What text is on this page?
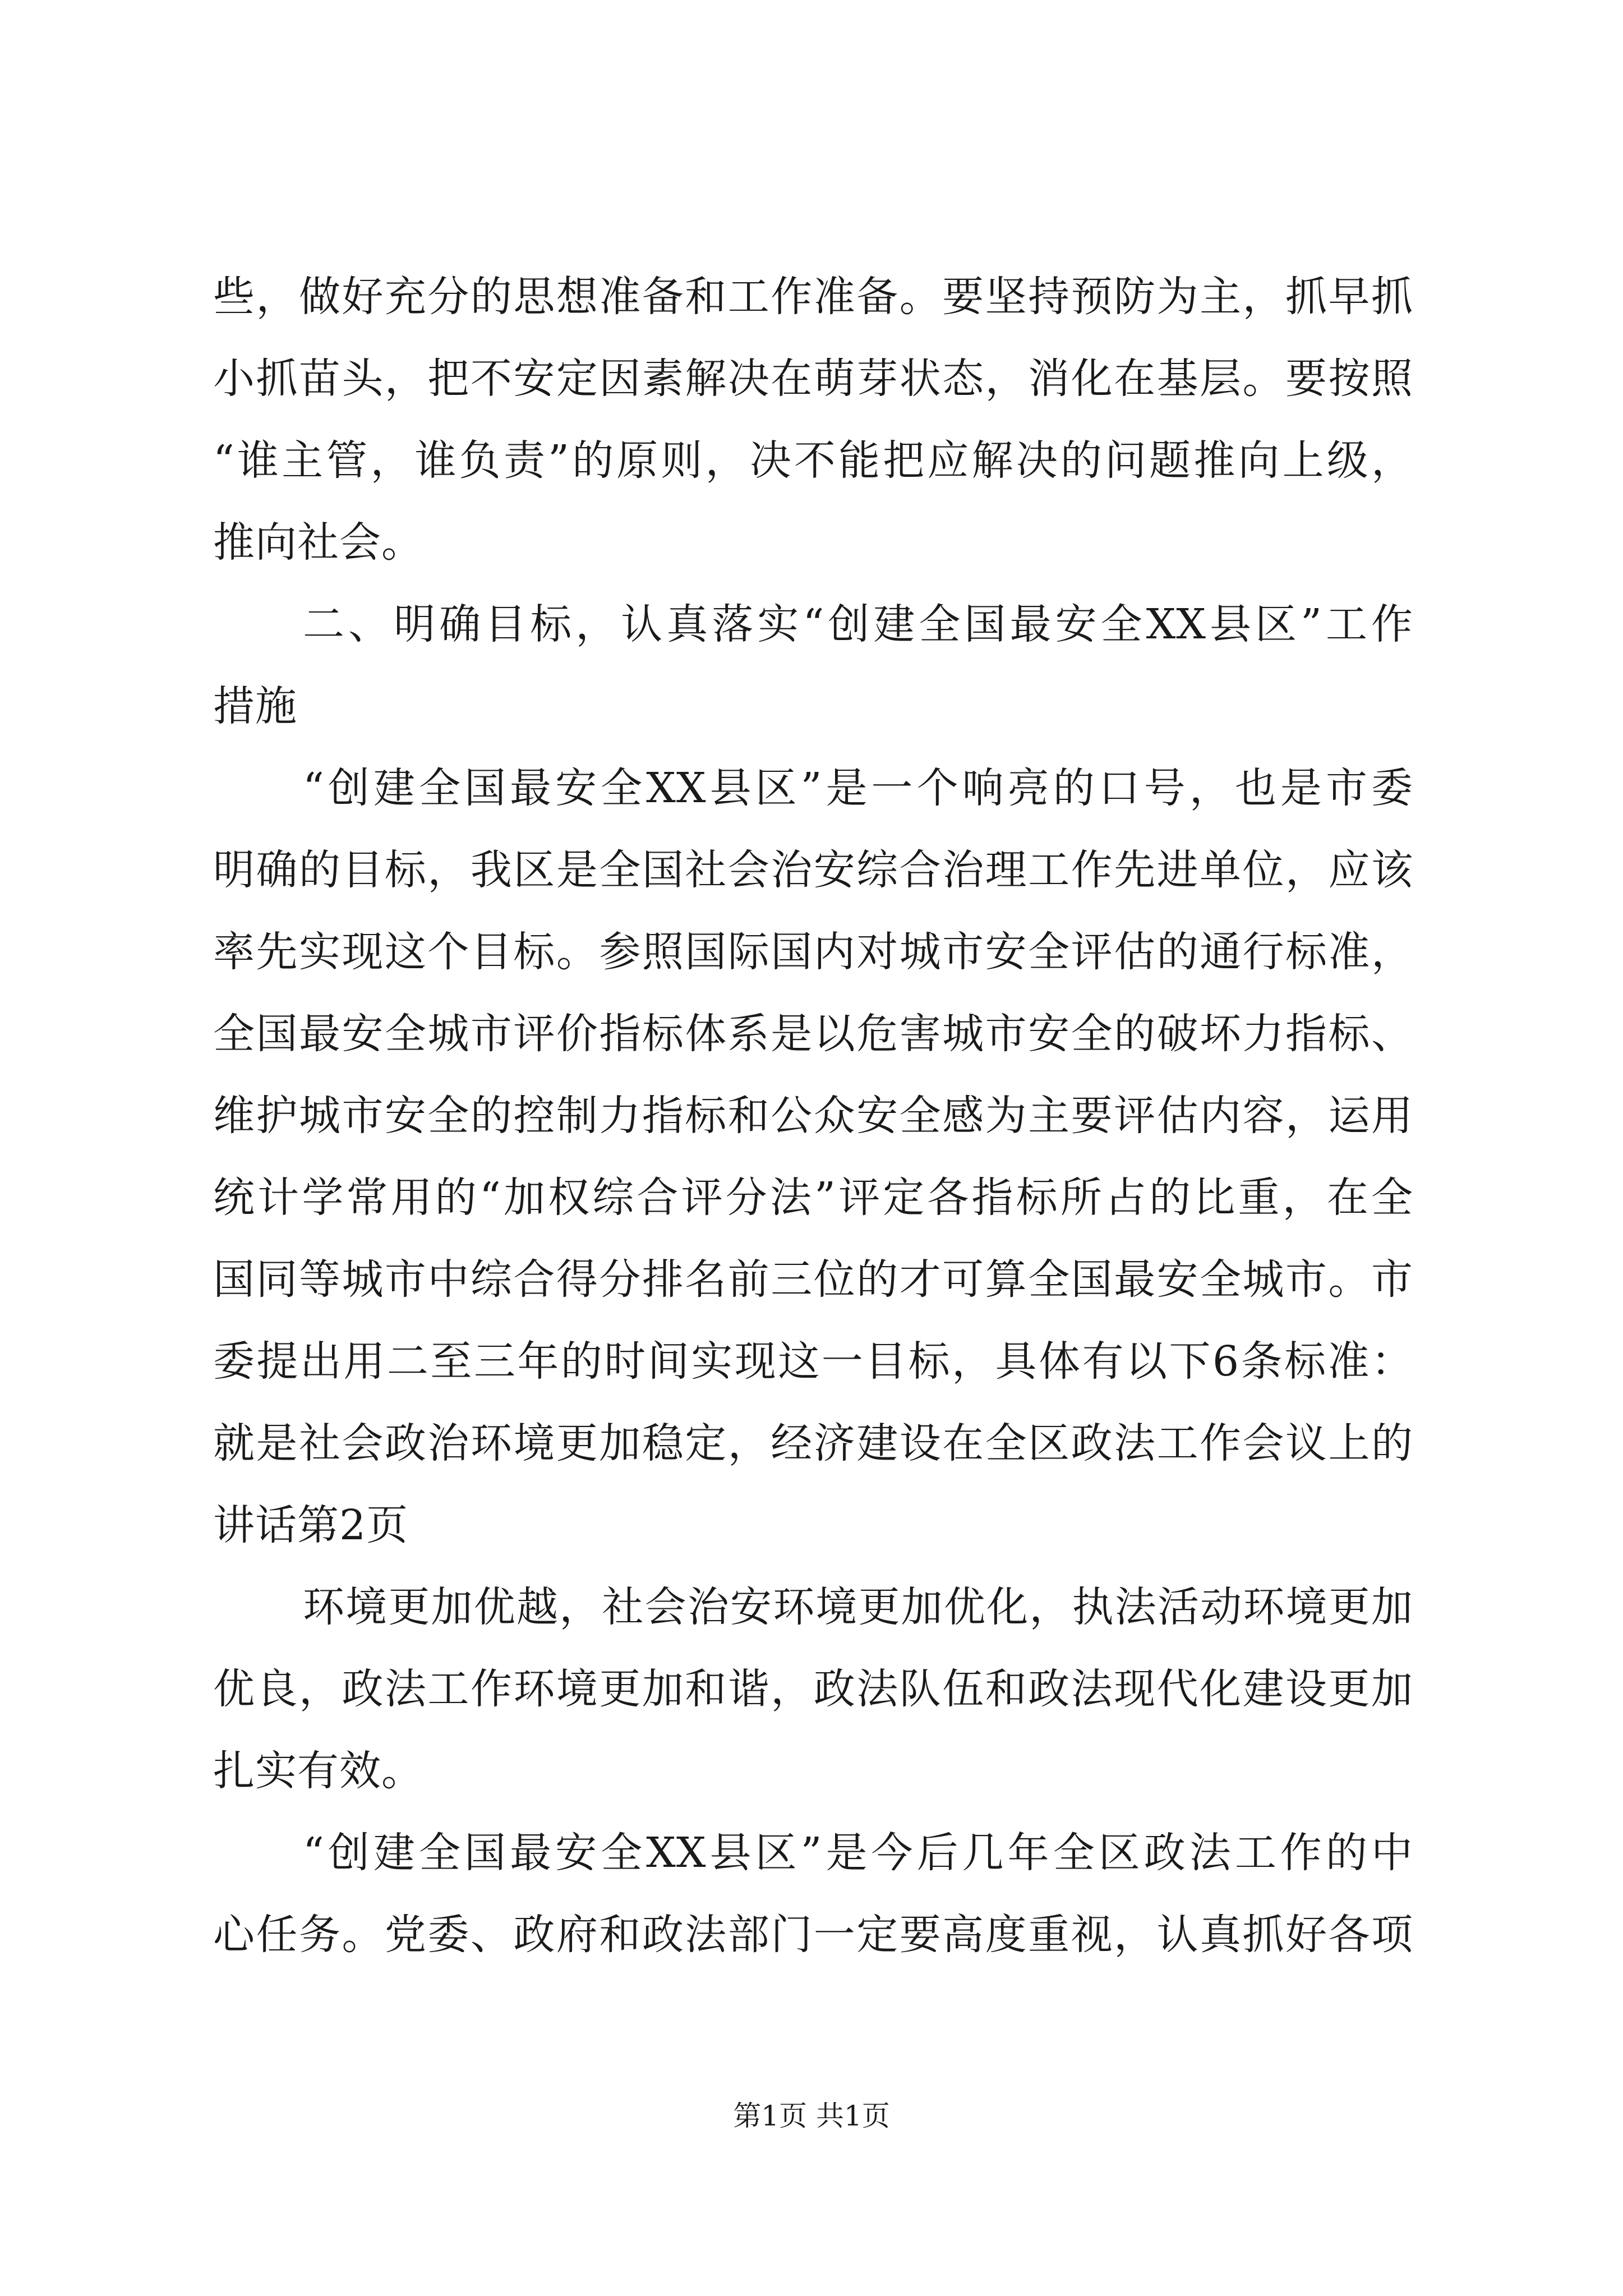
些，做好充分的思想准备和工作准备。要坚持预防为主，抓早抓
小抓苗头，把不安定因素解决在萌芽状态，消化在基层。要按照
“谁主管，谁负责”的原则，决不能把应解决的问题推向上级，
推向社会。
二、明确目标，认真落实“创建全国最安全XX县区”工作
措施
“创建全国最安全XX县区”是一个响亮的口号，也是市委
明确的目标，我区是全国社会治安综合治理工作先进单位，应该
率先实现这个目标。参照国际国内对城市安全评估的通行标准，
全国最安全城市评价指标体系是以危害城市安全的破坏力指标、
维护城市安全的控制力指标和公众安全感为主要评估内容，运用
统计学常用的“加权综合评分法”评定各指标所占的比重，在全
国同等城市中综合得分排名前三位的才可算全国最安全城市。市
委提出用二至三年的时间实现这一目标，具体有以下6条标准：
就是社会政治环境更加稳定，经济建设在全区政法工作会议上的
讲话第2页
环境更加优越，社会治安环境更加优化，执法活动环境更加
优良，政法工作环境更加和谐，政法队伍和政法现代化建设更加
扎实有效。
“创建全国最安全XX县区”是今后几年全区政法工作的中
心任务。党委、政府和政法部门一定要高度重视，认真抓好各项
第1页 共1页
